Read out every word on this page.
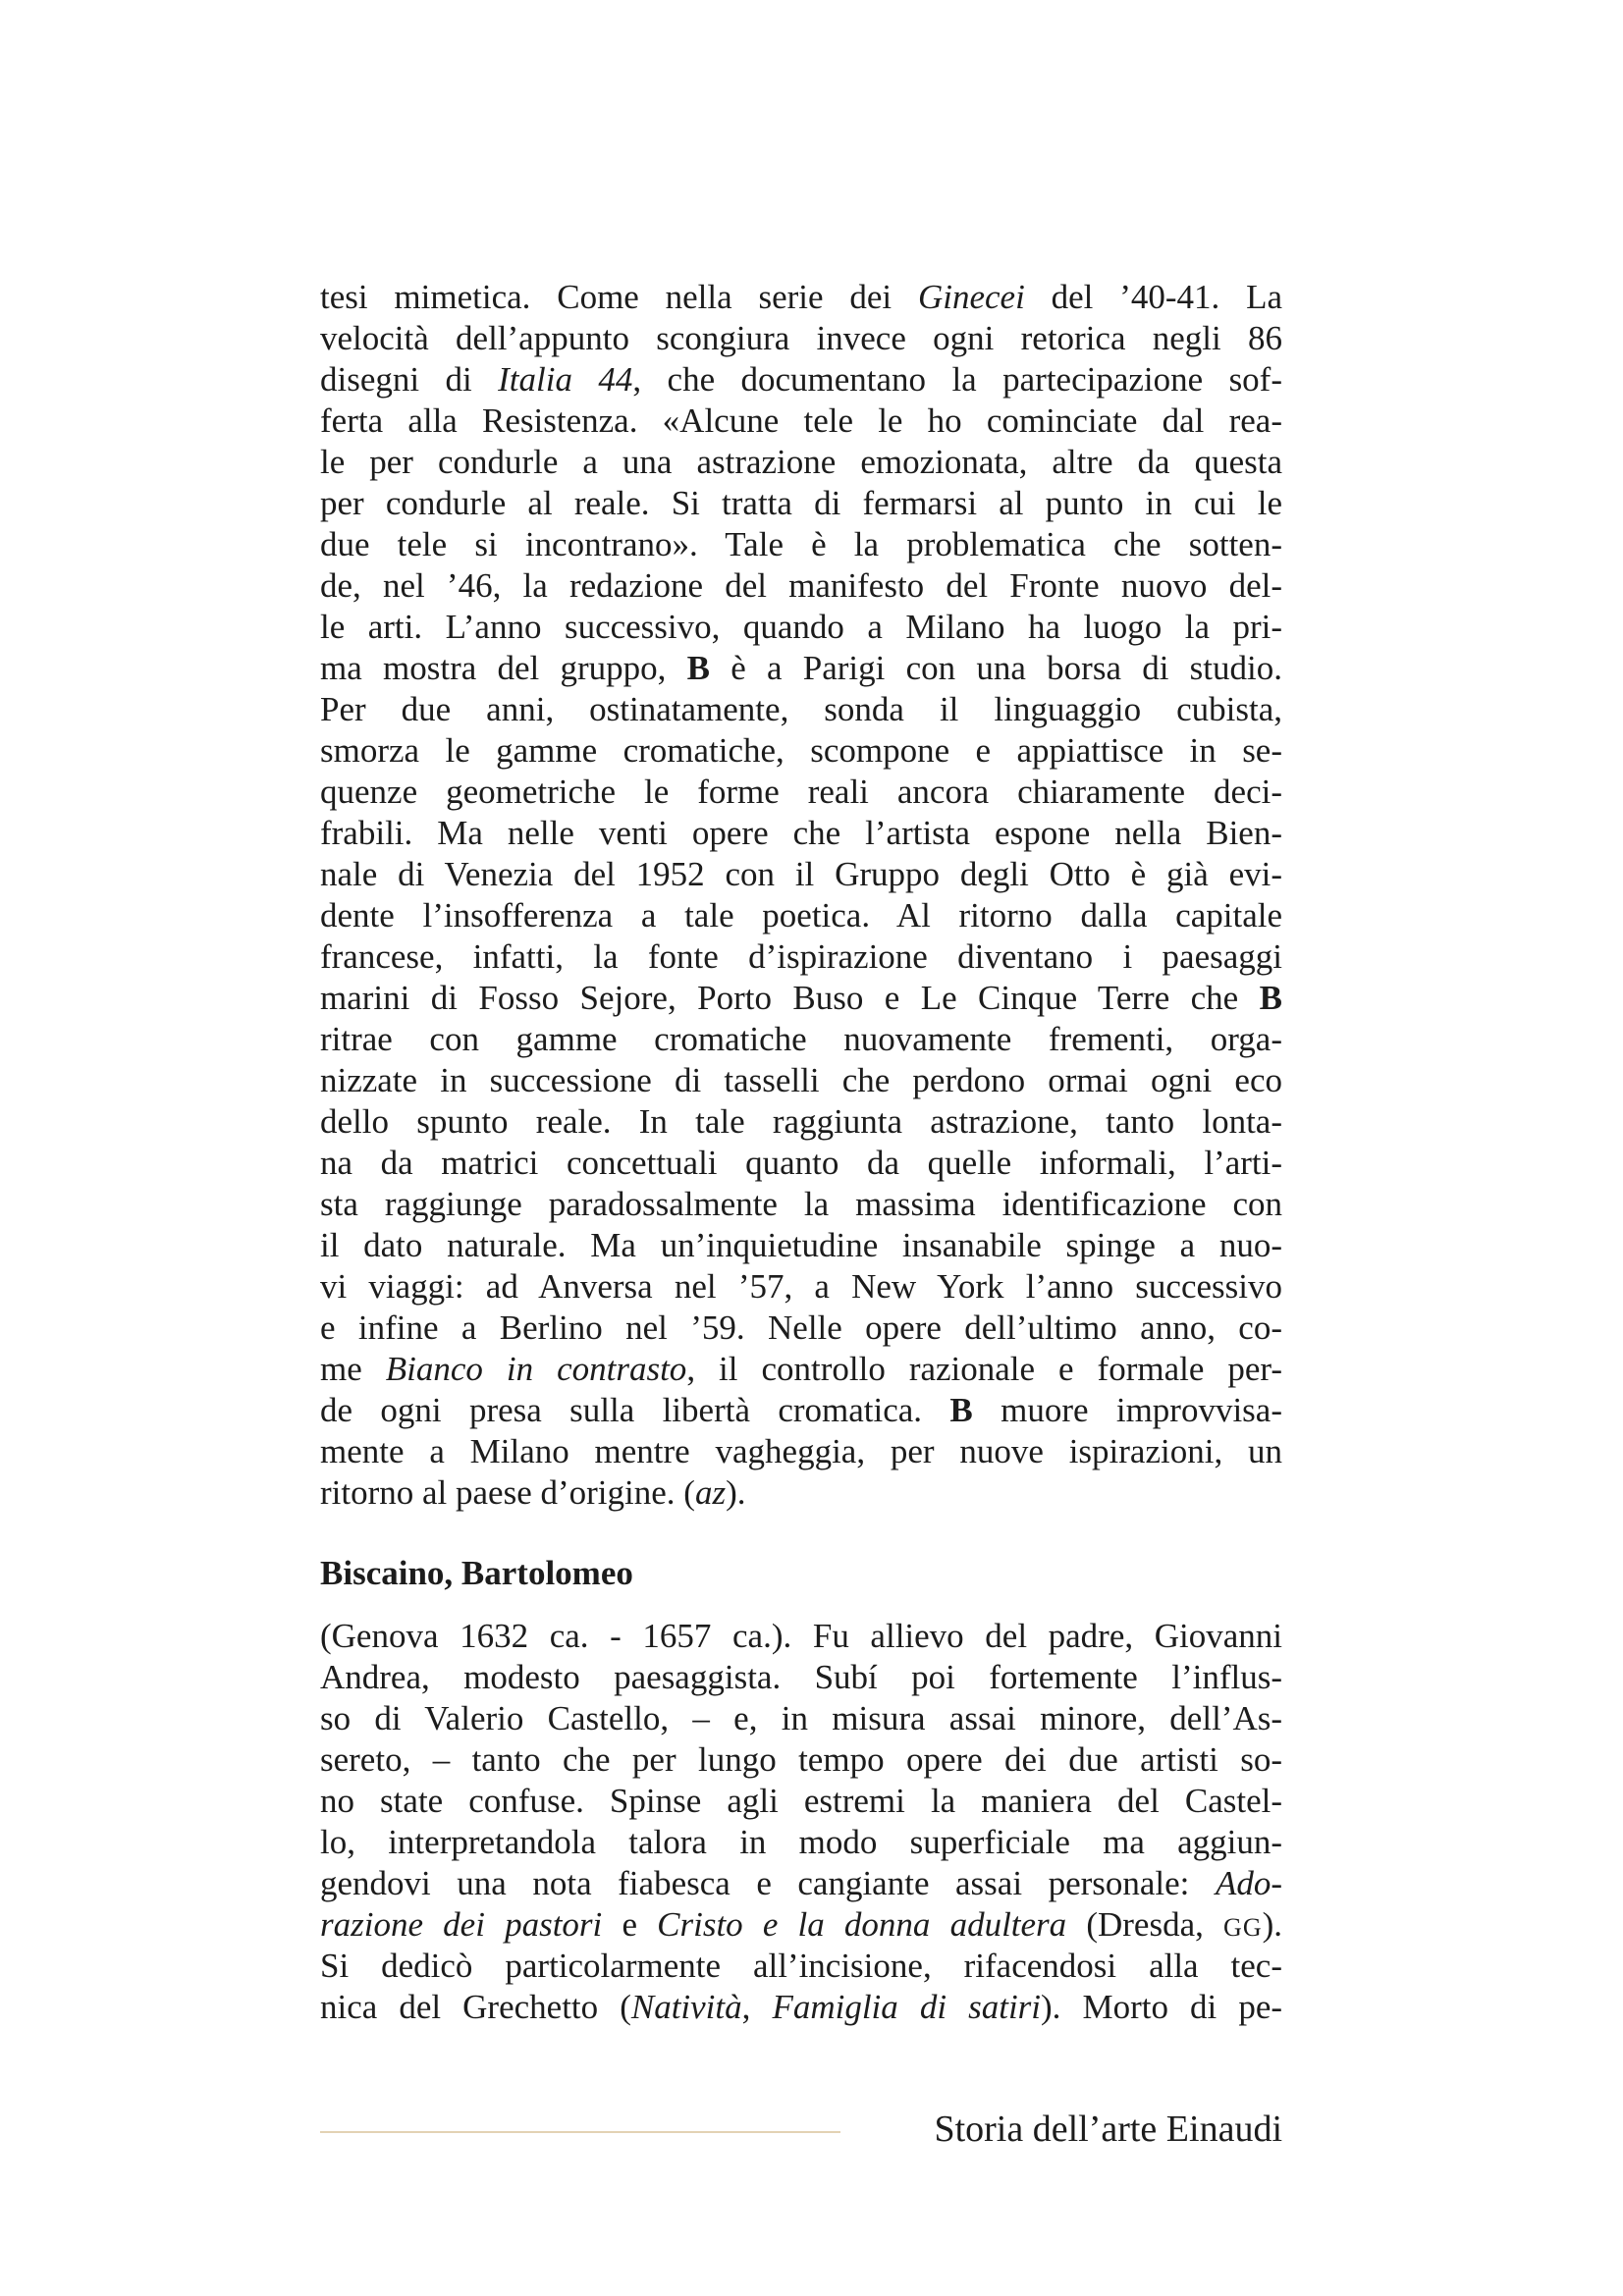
tesi mimetica. Come nella serie dei Ginecei del ’40-41. La
velocità dell’appunto scongiura invece ogni retorica negli 86
disegni di Italia 44, che documentano la partecipazione sof-
ferta alla Resistenza. «Alcune tele le ho cominciate dal rea-
le per condurle a una astrazione emozionata, altre da questa
per condurle al reale. Si tratta di fermarsi al punto in cui le
due tele si incontrano». Tale è la problematica che sotten-
de, nel ’46, la redazione del manifesto del Fronte nuovo del-
le arti. L’anno successivo, quando a Milano ha luogo la pri-
ma mostra del gruppo, B è a Parigi con una borsa di studio.
Per due anni, ostinatamente, sonda il linguaggio cubista,
smorza le gamme cromatiche, scompone e appiattisce in se-
quenze geometriche le forme reali ancora chiaramente deci-
frabili. Ma nelle venti opere che l’artista espone nella Bien-
nale di Venezia del 1952 con il Gruppo degli Otto è già evi-
dente l’insofferenza a tale poetica. Al ritorno dalla capitale
francese, infatti, la fonte d’ispirazione diventano i paesaggi
marini di Fosso Sejore, Porto Buso e Le Cinque Terre che B
ritrae con gamme cromatiche nuovamente frementi, orga-
nizzate in successione di tasselli che perdono ormai ogni eco
dello spunto reale. In tale raggiunta astrazione, tanto lonta-
na da matrici concettuali quanto da quelle informali, l’arti-
sta raggiunge paradossalmente la massima identificazione con
il dato naturale. Ma un’inquietudine insanabile spinge a nuo-
vi viaggi: ad Anversa nel ’57, a New York l’anno successivo
e infine a Berlino nel ’59. Nelle opere dell’ultimo anno, co-
me Bianco in contrasto, il controllo razionale e formale per-
de ogni presa sulla libertà cromatica. B muore improvvisa-
mente a Milano mentre vagheggia, per nuove ispirazioni, un
ritorno al paese d’origine. (az).
Biscaino, Bartolomeo
(Genova 1632 ca. - 1657 ca.). Fu allievo del padre, Giovanni
Andrea, modesto paesaggista. Subí poi fortemente l’influs-
so di Valerio Castello, – e, in misura assai minore, dell’As-
sereto, – tanto che per lungo tempo opere dei due artisti so-
no state confuse. Spinse agli estremi la maniera del Castel-
lo, interpretandola talora in modo superficiale ma aggiun-
gendovi una nota fiabesca e cangiante assai personale: Ado-
razione dei pastori e Cristo e la donna adultera (Dresda, GG).
Si dedicò particolarmente all’incisione, rifacendosi alla tec-
nica del Grechetto (Natività, Famiglia di satiri). Morto di pe-
Storia dell’arte Einaudi
